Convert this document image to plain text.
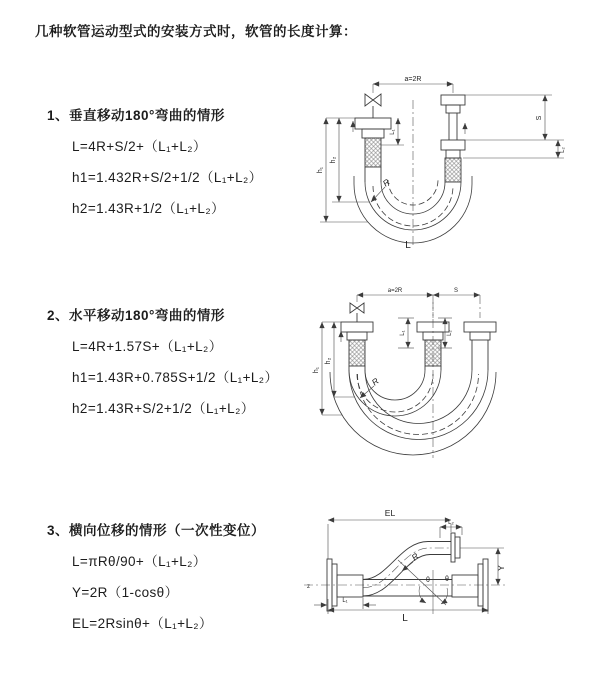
几种软管运动型式的安装方式时，软管的长度计算：
1、垂直移动180°弯曲的情形
L=4R+S/2+（L₁+L₂）
h1=1.432R+S/2+1/2（L₁+L₂）
h2=1.43R+1/2（L₁+L₂）
2、水平移动180°弯曲的情形
L=4R+1.57S+（L₁+L₂）
h1=1.43R+0.785S+1/2（L₁+L₂）
h2=1.43R+S/2+1/2（L₁+L₂）
3、横向位移的情形（一次性变位）
L=πRθ/90+（L₁+L₂）
Y=2R（1-cosθ）
EL=2Rsinθ+（L₁+L₂）
a=2R
h₁
h₂
L₁
S
L₂
R
L
a=2R	S
h₁
h₂
L₁	L₂
R
EL
L₂
Y
R
θ θ
L
L₁
z
